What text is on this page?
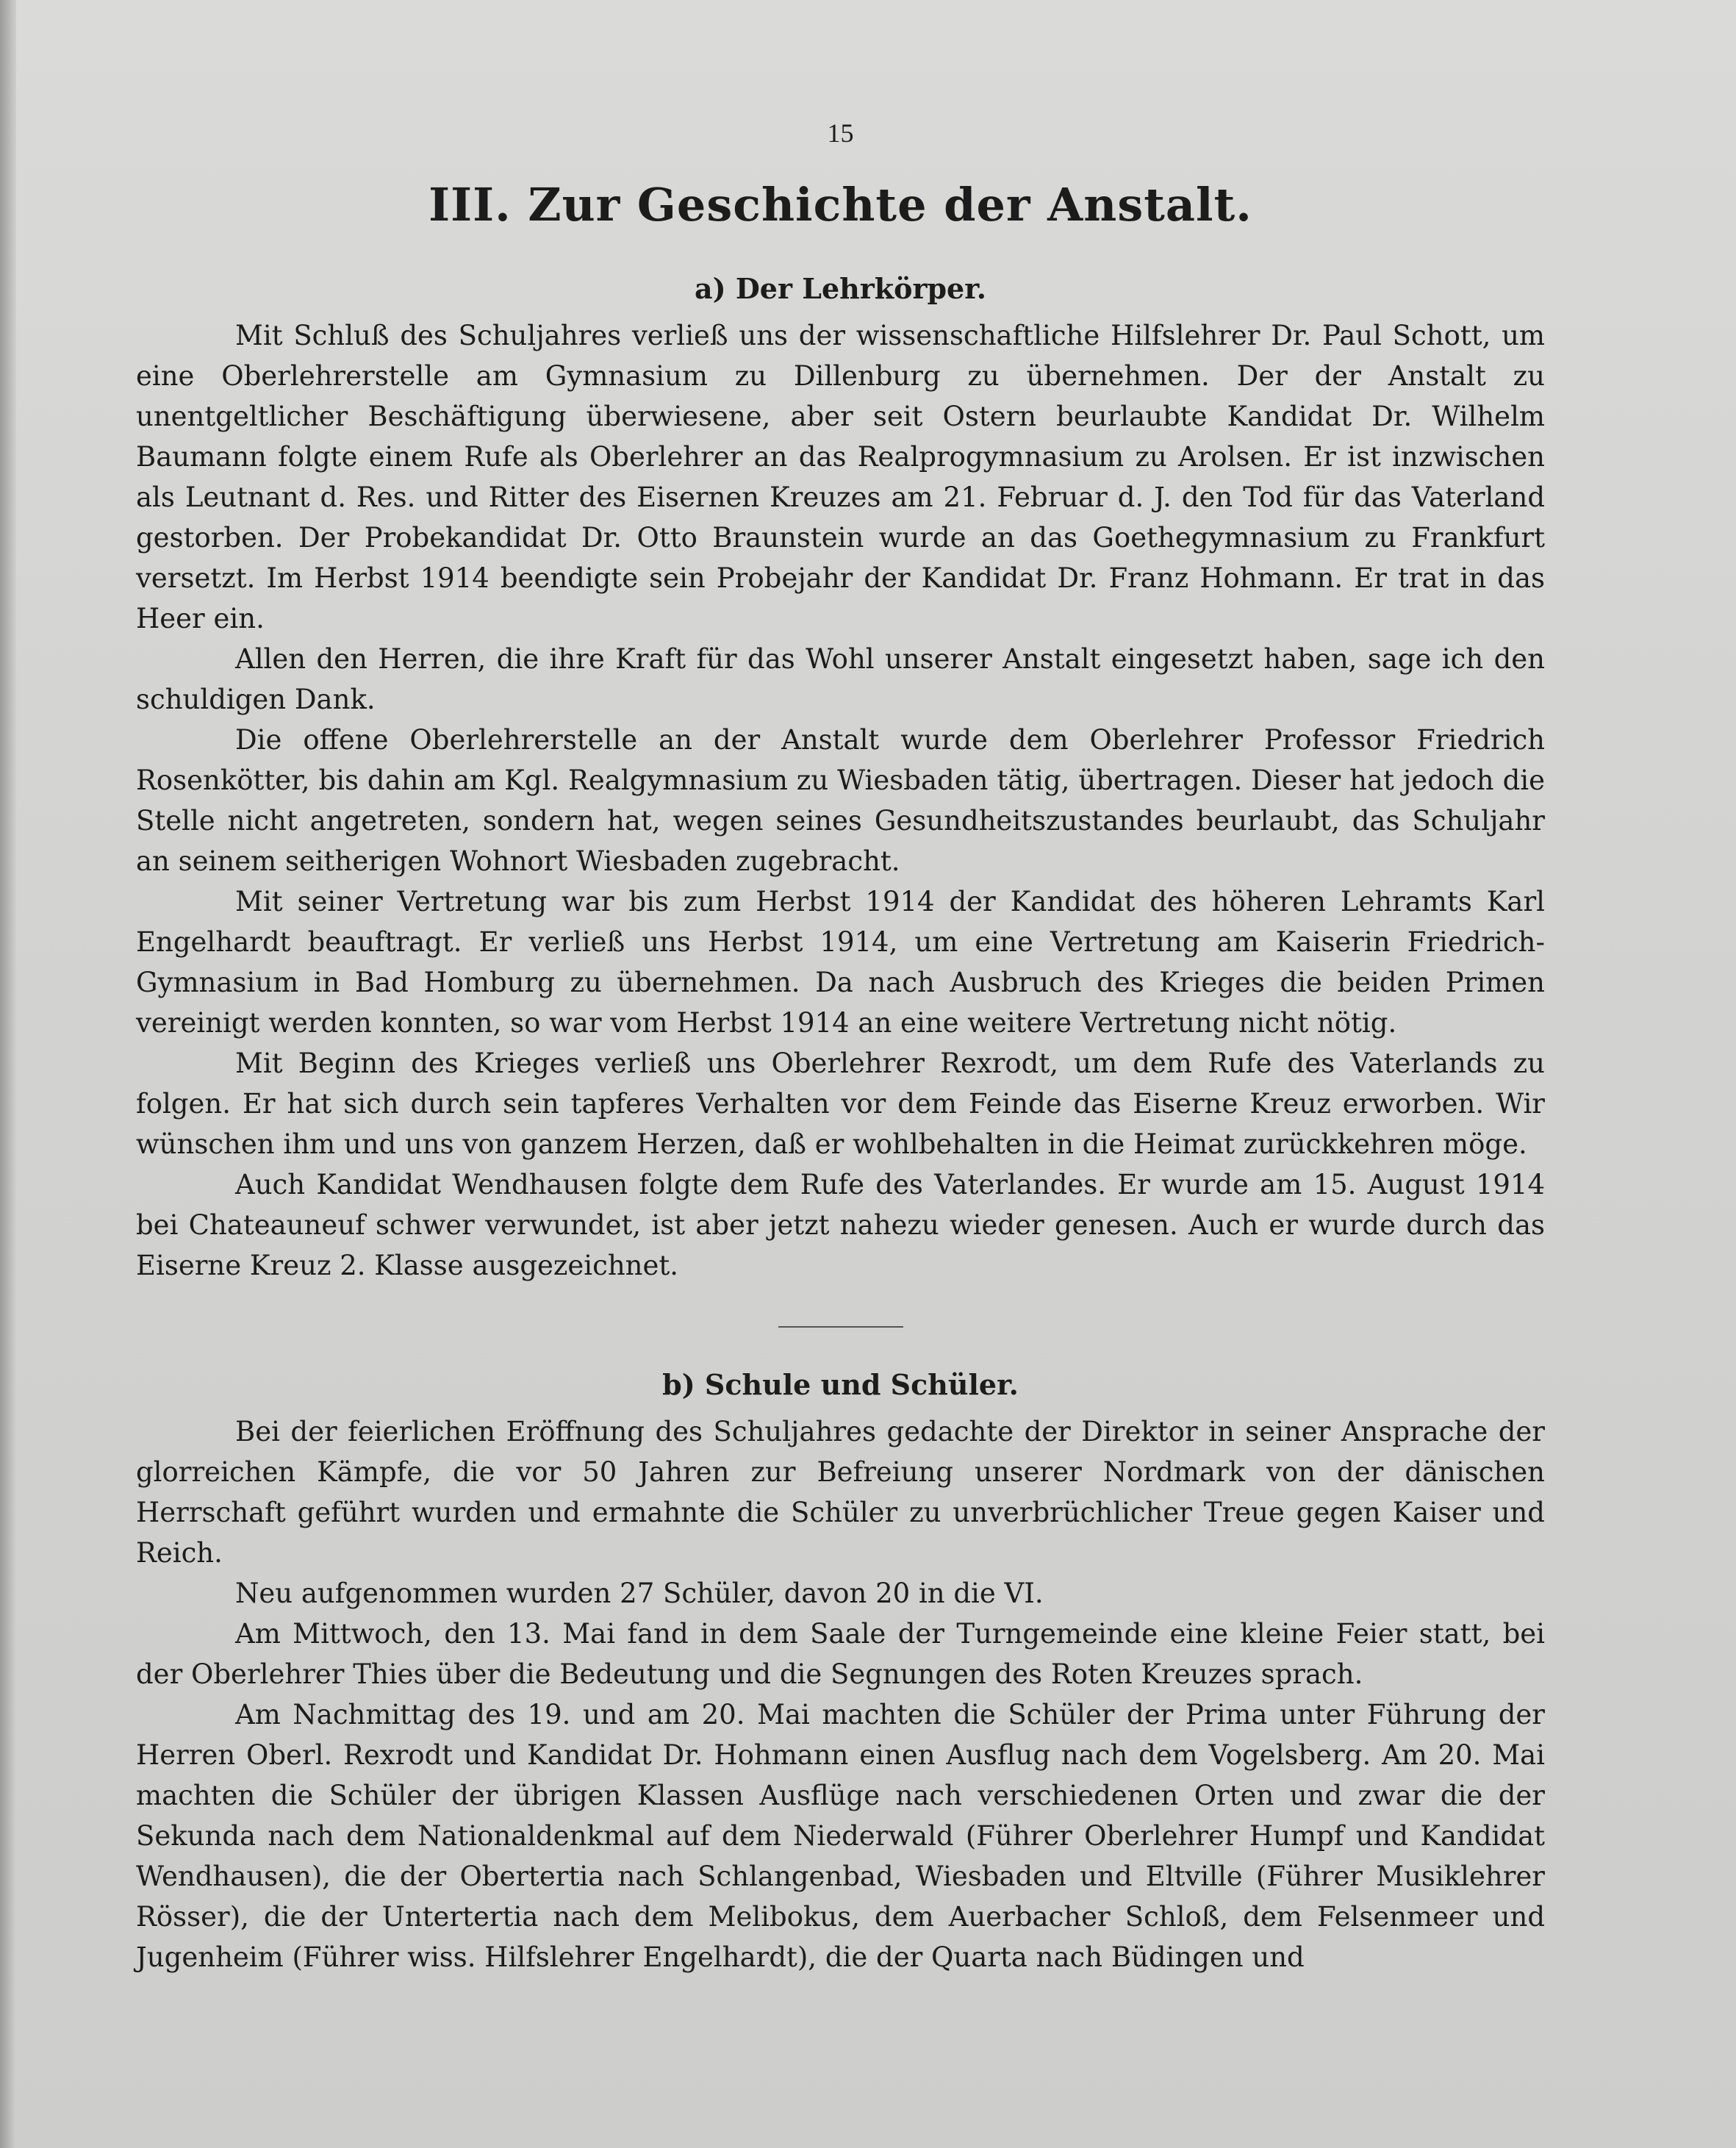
15
III. Zur Geschichte der Anstalt.
a) Der Lehrkörper.

Mit Schluß des Schuljahres verließ uns der wissenschaftliche Hilfslehrer Dr. Paul Schott, um eine Oberlehrerstelle am Gymnasium zu Dillenburg zu übernehmen. Der der Anstalt zu unentgeltlicher Beschäftigung überwiesene, aber seit Ostern beurlaubte Kandidat Dr. Wilhelm Baumann folgte einem Rufe als Oberlehrer an das Realprogymnasium zu Arolsen. Er ist inzwischen als Leutnant d. Res. und Ritter des Eisernen Kreuzes am 21. Februar d. J. den Tod für das Vaterland gestorben. Der Probekandidat Dr. Otto Braunstein wurde an das Goethegymnasium zu Frankfurt versetzt. Im Herbst 1914 beendigte sein Probejahr der Kandidat Dr. Franz Hohmann. Er trat in das Heer ein.

Allen den Herren, die ihre Kraft für das Wohl unserer Anstalt eingesetzt haben, sage ich den schuldigen Dank.

Die offene Oberlehrerstelle an der Anstalt wurde dem Oberlehrer Professor Friedrich Rosenkötter, bis dahin am Kgl. Realgymnasium zu Wiesbaden tätig, übertragen. Dieser hat jedoch die Stelle nicht angetreten, sondern hat, wegen seines Gesundheitszustandes beurlaubt, das Schuljahr an seinem seitherigen Wohnort Wiesbaden zugebracht.

Mit seiner Vertretung war bis zum Herbst 1914 der Kandidat des höheren Lehramts Karl Engelhardt beauftragt. Er verließ uns Herbst 1914, um eine Vertretung am Kaiserin Friedrich-Gymnasium in Bad Homburg zu übernehmen. Da nach Ausbruch des Krieges die beiden Primen vereinigt werden konnten, so war vom Herbst 1914 an eine weitere Vertretung nicht nötig.

Mit Beginn des Krieges verließ uns Oberlehrer Rexrodt, um dem Rufe des Vaterlands zu folgen. Er hat sich durch sein tapferes Verhalten vor dem Feinde das Eiserne Kreuz erworben. Wir wünschen ihm und uns von ganzem Herzen, daß er wohlbehalten in die Heimat zurückkehren möge.

Auch Kandidat Wendhausen folgte dem Rufe des Vaterlandes. Er wurde am 15. August 1914 bei Chateauneuf schwer verwundet, ist aber jetzt nahezu wieder genesen. Auch er wurde durch das Eiserne Kreuz 2. Klasse ausgezeichnet.

b) Schule und Schüler.

Bei der feierlichen Eröffnung des Schuljahres gedachte der Direktor in seiner Ansprache der glorreichen Kämpfe, die vor 50 Jahren zur Befreiung unserer Nordmark von der dänischen Herrschaft geführt wurden und ermahnte die Schüler zu unverbrüchlicher Treue gegen Kaiser und Reich.

Neu aufgenommen wurden 27 Schüler, davon 20 in die VI.

Am Mittwoch, den 13. Mai fand in dem Saale der Turngemeinde eine kleine Feier statt, bei der Oberlehrer Thies über die Bedeutung und die Segnungen des Roten Kreuzes sprach.

Am Nachmittag des 19. und am 20. Mai machten die Schüler der Prima unter Führung der Herren Oberl. Rexrodt und Kandidat Dr. Hohmann einen Ausflug nach dem Vogelsberg. Am 20. Mai machten die Schüler der übrigen Klassen Ausflüge nach verschiedenen Orten und zwar die der Sekunda nach dem Nationaldenkmal auf dem Niederwald (Führer Oberlehrer Humpf und Kandidat Wendhausen), die der Obertertia nach Schlangenbad, Wiesbaden und Eltville (Führer Musiklehrer Rösser), die der Untertertia nach dem Melibokus, dem Auerbacher Schloß, dem Felsenmeer und Jugenheim (Führer wiss. Hilfslehrer Engelhardt), die der Quarta nach Büdingen und
